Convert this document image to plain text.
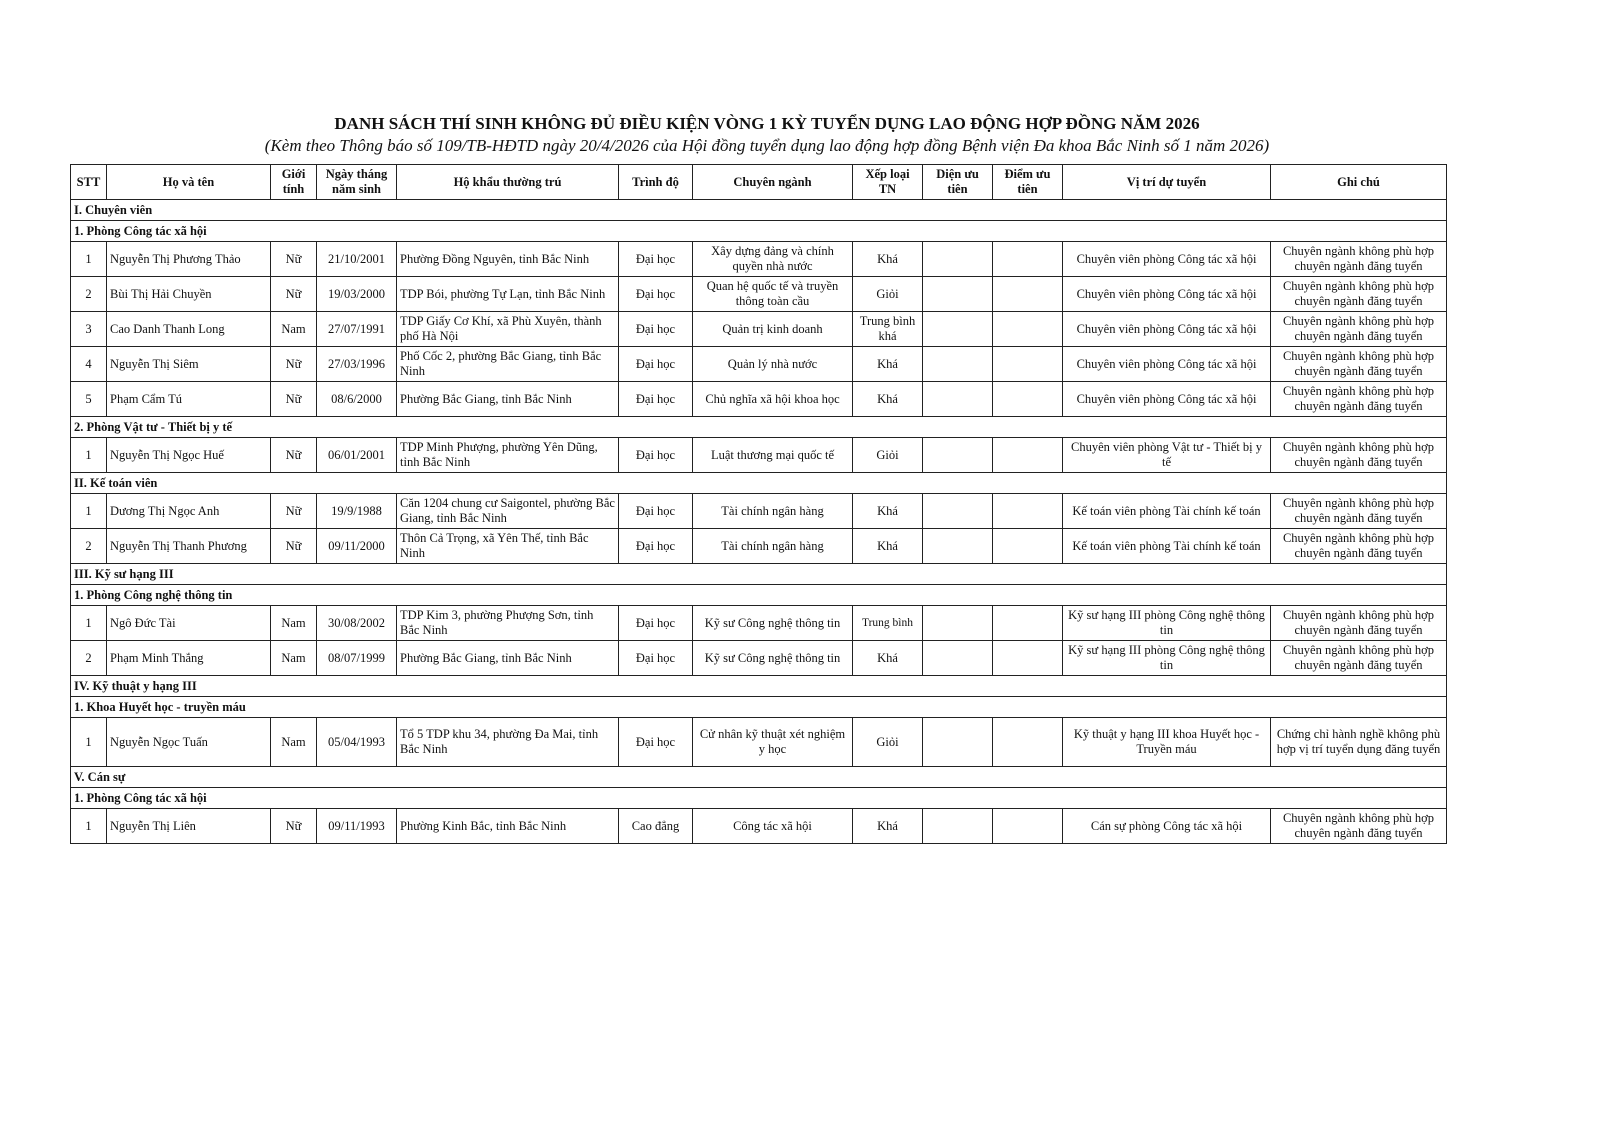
DANH SÁCH THÍ SINH KHÔNG ĐỦ ĐIỀU KIỆN VÒNG 1 KỲ TUYỂN DỤNG LAO ĐỘNG HỢP ĐỒNG NĂM 2026
(Kèm theo Thông báo số 109/TB-HĐTD ngày 20/4/2026 của Hội đồng tuyển dụng lao động hợp đồng Bệnh viện Đa khoa Bắc Ninh số 1 năm 2026)
STT	Họ và tên	Giới tính	Ngày tháng năm sinh	Hộ khẩu thường trú	Trình độ	Chuyên ngành	Xếp loại TN	Diện ưu tiên	Điểm ưu tiên	Vị trí dự tuyển	Ghi chú
I. Chuyên viên											
1. Phòng Công tác xã hội											
1	Nguyễn Thị Phương Thảo	Nữ	21/10/2001	Phường Đồng Nguyên, tỉnh Bắc Ninh	Đại học	Xây dựng đảng và chính quyền nhà nước	Khá			Chuyên viên phòng Công tác xã hội	Chuyên ngành không phù hợp chuyên ngành đăng tuyển
2	Bùi Thị Hải Chuyền	Nữ	19/03/2000	TDP Bói, phường Tự Lạn, tỉnh Bắc Ninh	Đại học	Quan hệ quốc tế và truyền thông toàn cầu	Giỏi			Chuyên viên phòng Công tác xã hội	Chuyên ngành không phù hợp chuyên ngành đăng tuyển
3	Cao Danh Thanh Long	Nam	27/07/1991	TDP Giấy Cơ Khí, xã Phù Xuyên, thành phố Hà Nội	Đại học	Quản trị kinh doanh	Trung bình khá			Chuyên viên phòng Công tác xã hội	Chuyên ngành không phù hợp chuyên ngành đăng tuyển
4	Nguyễn Thị Siêm	Nữ	27/03/1996	Phố Cốc 2, phường Bắc Giang, tỉnh Bắc Ninh	Đại học	Quản lý nhà nước	Khá			Chuyên viên phòng Công tác xã hội	Chuyên ngành không phù hợp chuyên ngành đăng tuyển
5	Phạm Cẩm Tú	Nữ	08/6/2000	Phường Bắc Giang, tỉnh Bắc Ninh	Đại học	Chủ nghĩa xã hội khoa học	Khá			Chuyên viên phòng Công tác xã hội	Chuyên ngành không phù hợp chuyên ngành đăng tuyển
2. Phòng Vật tư - Thiết bị y tế											
1	Nguyễn Thị Ngọc Huế	Nữ	06/01/2001	TDP Minh Phượng, phường Yên Dũng, tỉnh Bắc Ninh	Đại học	Luật thương mại quốc tế	Giỏi			Chuyên viên phòng Vật tư - Thiết bị y tế	Chuyên ngành không phù hợp chuyên ngành đăng tuyển
II. Kế toán viên											
1	Dương Thị Ngọc Anh	Nữ	19/9/1988	Căn 1204 chung cư Saigontel, phường Bắc Giang, tỉnh Bắc Ninh	Đại học	Tài chính ngân hàng	Khá			Kế toán viên phòng Tài chính kế toán	Chuyên ngành không phù hợp chuyên ngành đăng tuyển
2	Nguyễn Thị Thanh Phương	Nữ	09/11/2000	Thôn Cả Trọng, xã Yên Thế, tỉnh Bắc Ninh	Đại học	Tài chính ngân hàng	Khá			Kế toán viên phòng Tài chính kế toán	Chuyên ngành không phù hợp chuyên ngành đăng tuyển
III. Kỹ sư hạng III											
1. Phòng Công nghệ thông tin											
1	Ngô Đức Tài	Nam	30/08/2002	TDP Kim 3, phường Phượng Sơn, tỉnh Bắc Ninh	Đại học	Kỹ sư Công nghệ thông tin	Trung bình			Kỹ sư hạng III phòng Công nghệ thông tin	Chuyên ngành không phù hợp chuyên ngành đăng tuyển
2	Phạm Minh Thắng	Nam	08/07/1999	Phường Bắc Giang, tỉnh Bắc Ninh	Đại học	Kỹ sư Công nghệ thông tin	Khá			Kỹ sư hạng III phòng Công nghệ thông tin	Chuyên ngành không phù hợp chuyên ngành đăng tuyển
IV. Kỹ thuật y hạng III											
1. Khoa Huyết học - truyền máu											
1	Nguyễn Ngọc Tuấn	Nam	05/04/1993	Tổ 5 TDP khu 34, phường Đa Mai, tỉnh Bắc Ninh	Đại học	Cử nhân kỹ thuật xét nghiệm y học	Giỏi			Kỹ thuật y hạng III khoa Huyết học - Truyền máu	Chứng chỉ hành nghề không phù hợp vị trí tuyển dụng đăng tuyển
V. Cán sự											
1. Phòng Công tác xã hội											
1	Nguyễn Thị Liên	Nữ	09/11/1993	Phường Kinh Bắc, tỉnh Bắc Ninh	Cao đẳng	Công tác xã hội	Khá			Cán sự phòng Công tác xã hội	Chuyên ngành không phù hợp chuyên ngành đăng tuyển
